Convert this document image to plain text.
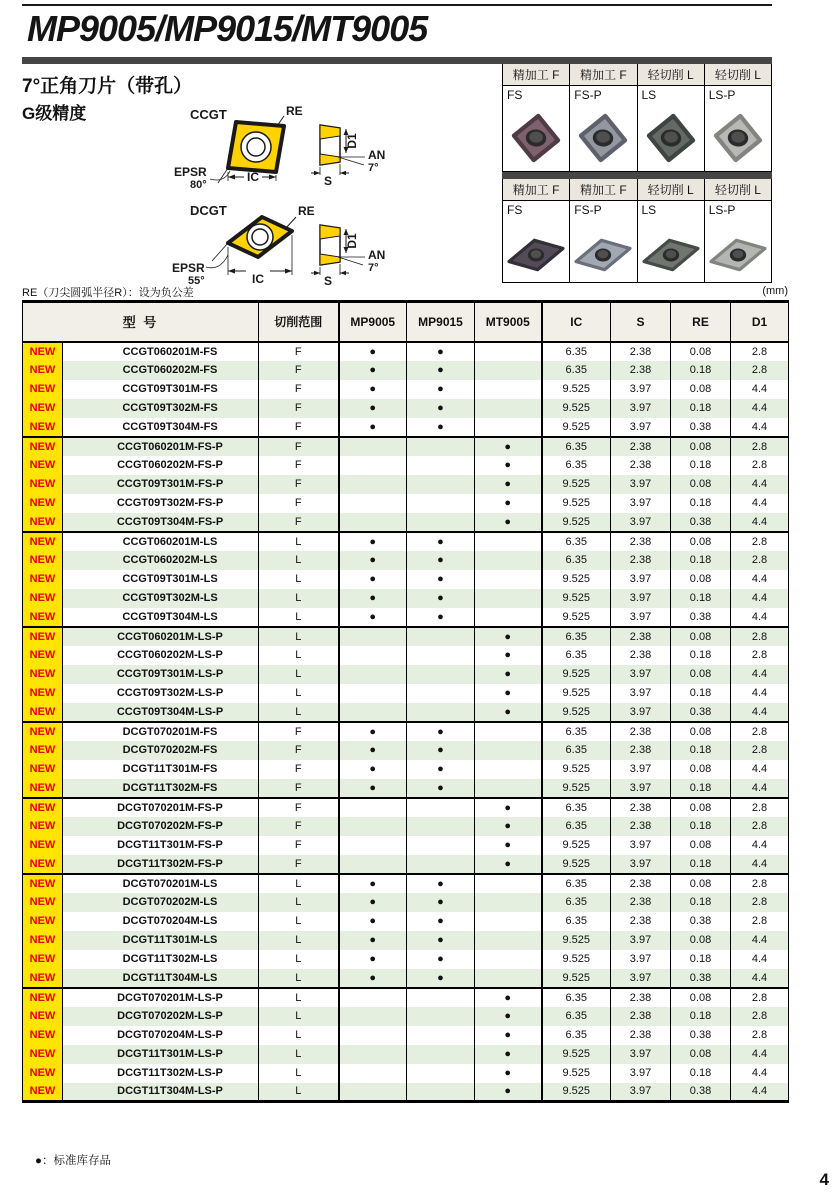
MP9005/MP9015/MT9005
7°正角刀片（带孔）
G级精度	CCGT	RE
EPSR
80°
IC
D1
AN
7°
S
DCGT	RE
EPSR
55°	IC
D1
AN
7°
S
精加工 F	精加工 F	轻切削 L	轻切削 L
FS	FS-P	LS	LS-P
精加工 F	精加工 F	轻切削 L	轻切削 L
FS	FS-P	LS	LS-P
RE（刀尖圆弧半径R）：设为负公差	(mm)
型 号		切削范围	MP9005	MP9015	MT9005	IC	S	RE	D1
NEW	CCGT060201M-FS	F	●	●		6.35	2.38	0.08	2.8
NEW	CCGT060202M-FS	F	●	●		6.35	2.38	0.18	2.8
NEW	CCGT09T301M-FS	F	●	●		9.525	3.97	0.08	4.4
NEW	CCGT09T302M-FS	F	●	●		9.525	3.97	0.18	4.4
NEW	CCGT09T304M-FS	F	●	●		9.525	3.97	0.38	4.4
NEW	CCGT060201M-FS-P	F			●	6.35	2.38	0.08	2.8
NEW	CCGT060202M-FS-P	F			●	6.35	2.38	0.18	2.8
NEW	CCGT09T301M-FS-P	F			●	9.525	3.97	0.08	4.4
NEW	CCGT09T302M-FS-P	F			●	9.525	3.97	0.18	4.4
NEW	CCGT09T304M-FS-P	F			●	9.525	3.97	0.38	4.4
NEW	CCGT060201M-LS	L	●	●		6.35	2.38	0.08	2.8
NEW	CCGT060202M-LS	L	●	●		6.35	2.38	0.18	2.8
NEW	CCGT09T301M-LS	L	●	●		9.525	3.97	0.08	4.4
NEW	CCGT09T302M-LS	L	●	●		9.525	3.97	0.18	4.4
NEW	CCGT09T304M-LS	L	●	●		9.525	3.97	0.38	4.4
NEW	CCGT060201M-LS-P	L			●	6.35	2.38	0.08	2.8
NEW	CCGT060202M-LS-P	L			●	6.35	2.38	0.18	2.8
NEW	CCGT09T301M-LS-P	L			●	9.525	3.97	0.08	4.4
NEW	CCGT09T302M-LS-P	L			●	9.525	3.97	0.18	4.4
NEW	CCGT09T304M-LS-P	L			●	9.525	3.97	0.38	4.4
NEW	DCGT070201M-FS	F	●	●		6.35	2.38	0.08	2.8
NEW	DCGT070202M-FS	F	●	●		6.35	2.38	0.18	2.8
NEW	DCGT11T301M-FS	F	●	●		9.525	3.97	0.08	4.4
NEW	DCGT11T302M-FS	F	●	●		9.525	3.97	0.18	4.4
NEW	DCGT070201M-FS-P	F			●	6.35	2.38	0.08	2.8
NEW	DCGT070202M-FS-P	F			●	6.35	2.38	0.18	2.8
NEW	DCGT11T301M-FS-P	F			●	9.525	3.97	0.08	4.4
NEW	DCGT11T302M-FS-P	F			●	9.525	3.97	0.18	4.4
NEW	DCGT070201M-LS	L	●	●		6.35	2.38	0.08	2.8
NEW	DCGT070202M-LS	L	●	●		6.35	2.38	0.18	2.8
NEW	DCGT070204M-LS	L	●	●		6.35	2.38	0.38	2.8
NEW	DCGT11T301M-LS	L	●	●		9.525	3.97	0.08	4.4
NEW	DCGT11T302M-LS	L	●	●		9.525	3.97	0.18	4.4
NEW	DCGT11T304M-LS	L	●	●		9.525	3.97	0.38	4.4
NEW	DCGT070201M-LS-P	L			●	6.35	2.38	0.08	2.8
NEW	DCGT070202M-LS-P	L			●	6.35	2.38	0.18	2.8
NEW	DCGT070204M-LS-P	L			●	6.35	2.38	0.38	2.8
NEW	DCGT11T301M-LS-P	L			●	9.525	3.97	0.08	4.4
NEW	DCGT11T302M-LS-P	L			●	9.525	3.97	0.18	4.4
NEW	DCGT11T304M-LS-P	L			●	9.525	3.97	0.38	4.4
●：标准库存品
4
